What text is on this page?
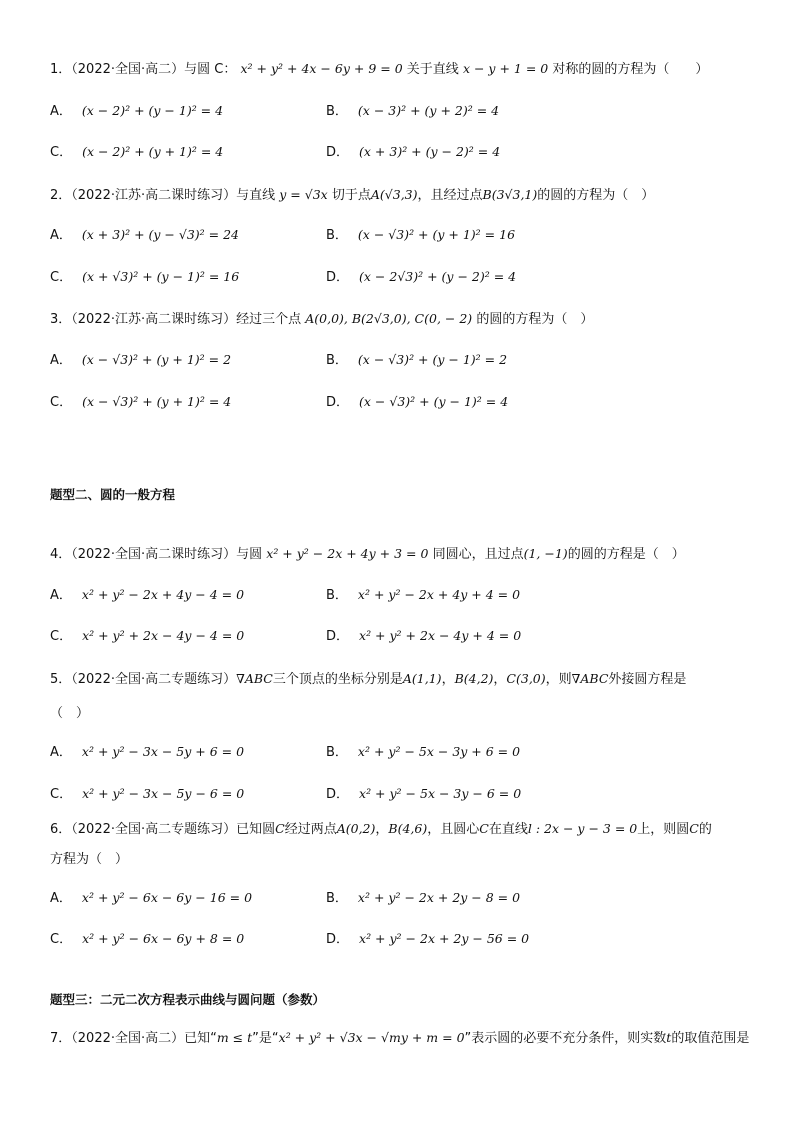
1．（2022·全国·高二）与圆 C： x² + y² + 4x − 6y + 9 = 0 关于直线 x − y + 1 = 0 对称的圆的方程为（　　）
A． (x − 2)² + (y − 1)² = 4	B． (x − 3)² + (y + 2)² = 4
C． (x − 2)² + (y + 1)² = 4	D． (x + 3)² + (y − 2)² = 4
2．（2022·江苏·高二课时练习）与直线 y = √3x 切于点A(√3,3)，且经过点B(3√3,1)的圆的方程为（　）
A． (x + 3)² + (y − √3)² = 24	B． (x − √3)² + (y + 1)² = 16
C． (x + √3)² + (y − 1)² = 16	D． (x − 2√3)² + (y − 2)² = 4
3．（2022·江苏·高二课时练习）经过三个点 A(0,0), B(2√3,0), C(0, − 2) 的圆的方程为（　）
A． (x − √3)² + (y + 1)² = 2	B． (x − √3)² + (y − 1)² = 2
C． (x − √3)² + (y + 1)² = 4	D． (x − √3)² + (y − 1)² = 4
题型二、圆的一般方程
4．（2022·全国·高二课时练习）与圆 x² + y² − 2x + 4y + 3 = 0 同圆心，且过点(1, −1)的圆的方程是（　）
A． x² + y² − 2x + 4y − 4 = 0	B． x² + y² − 2x + 4y + 4 = 0
C． x² + y² + 2x − 4y − 4 = 0	D． x² + y² + 2x − 4y + 4 = 0
5．（2022·全国·高二专题练习）∇ABC三个顶点的坐标分别是A(1,1)，B(4,2)，C(3,0)，则∇ABC外接圆方程是
（　）
A． x² + y² − 3x − 5y + 6 = 0	B． x² + y² − 5x − 3y + 6 = 0
C． x² + y² − 3x − 5y − 6 = 0	D． x² + y² − 5x − 3y − 6 = 0
6．（2022·全国·高二专题练习）已知圆C经过两点A(0,2)，B(4,6)，且圆心C在直线l : 2x − y − 3 = 0上，则圆C的
方程为（　）
A． x² + y² − 6x − 6y − 16 = 0	B． x² + y² − 2x + 2y − 8 = 0
C． x² + y² − 6x − 6y + 8 = 0	D． x² + y² − 2x + 2y − 56 = 0
题型三：二元二次方程表示曲线与圆问题（参数）
7．（2022·全国·高二）已知“m ≤ t”是“x² + y² + √3x − √my + m = 0”表示圆的必要不充分条件，则实数t的取值范围是
